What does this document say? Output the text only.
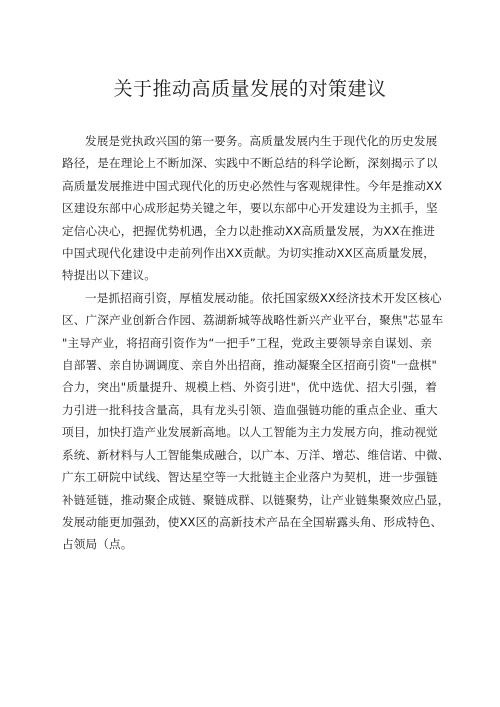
关于推动高质量发展的对策建议

发展是党执政兴国的第一要务。高质量发展内生于现代化的历史发展
路径，是在理论上不断加深、实践中不断总结的科学论断，深刻揭示了以
高质量发展推进中国式现代化的历史必然性与客观规律性。今年是推动XX
区建设东部中心成形起势关键之年，要以东部中心开发建设为主抓手，坚
定信心决心，把握优势机遇，全力以赴推动XX高质量发展，为XX在推进
中国式现代化建设中走前列作出XX贡献。为切实推动XX区高质量发展，
特提出以下建议。

一是抓招商引资，厚植发展动能。依托国家级XX经济技术开发区核心
区、广深产业创新合作园、荔湖新城等战略性新兴产业平台，聚焦"芯显车
"主导产业，将招商引资作为“一把手”工程，党政主要领导亲自谋划、亲
自部署、亲自协调调度、亲自外出招商，推动凝聚全区招商引资"一盘棋"
合力，突出"质量提升、规模上档、外资引进"，优中选优、招大引强，着
力引进一批科技含量高，具有龙头引领、造血强链功能的重点企业、重大
项目，加快打造产业发展新高地。以人工智能为主力发展方向，推动视觉
系统、新材料与人工智能集成融合，以广本、万洋、增芯、维信诺、中微、
广东工研院中试线、智达星空等一大批链主企业落户为契机，进一步强链
补链延链，推动聚企成链、聚链成群、以链聚势，让产业链集聚效应凸显，
发展动能更加强劲，使XX区的高新技术产品在全国崭露头角、形成特色、
占领局（点。
